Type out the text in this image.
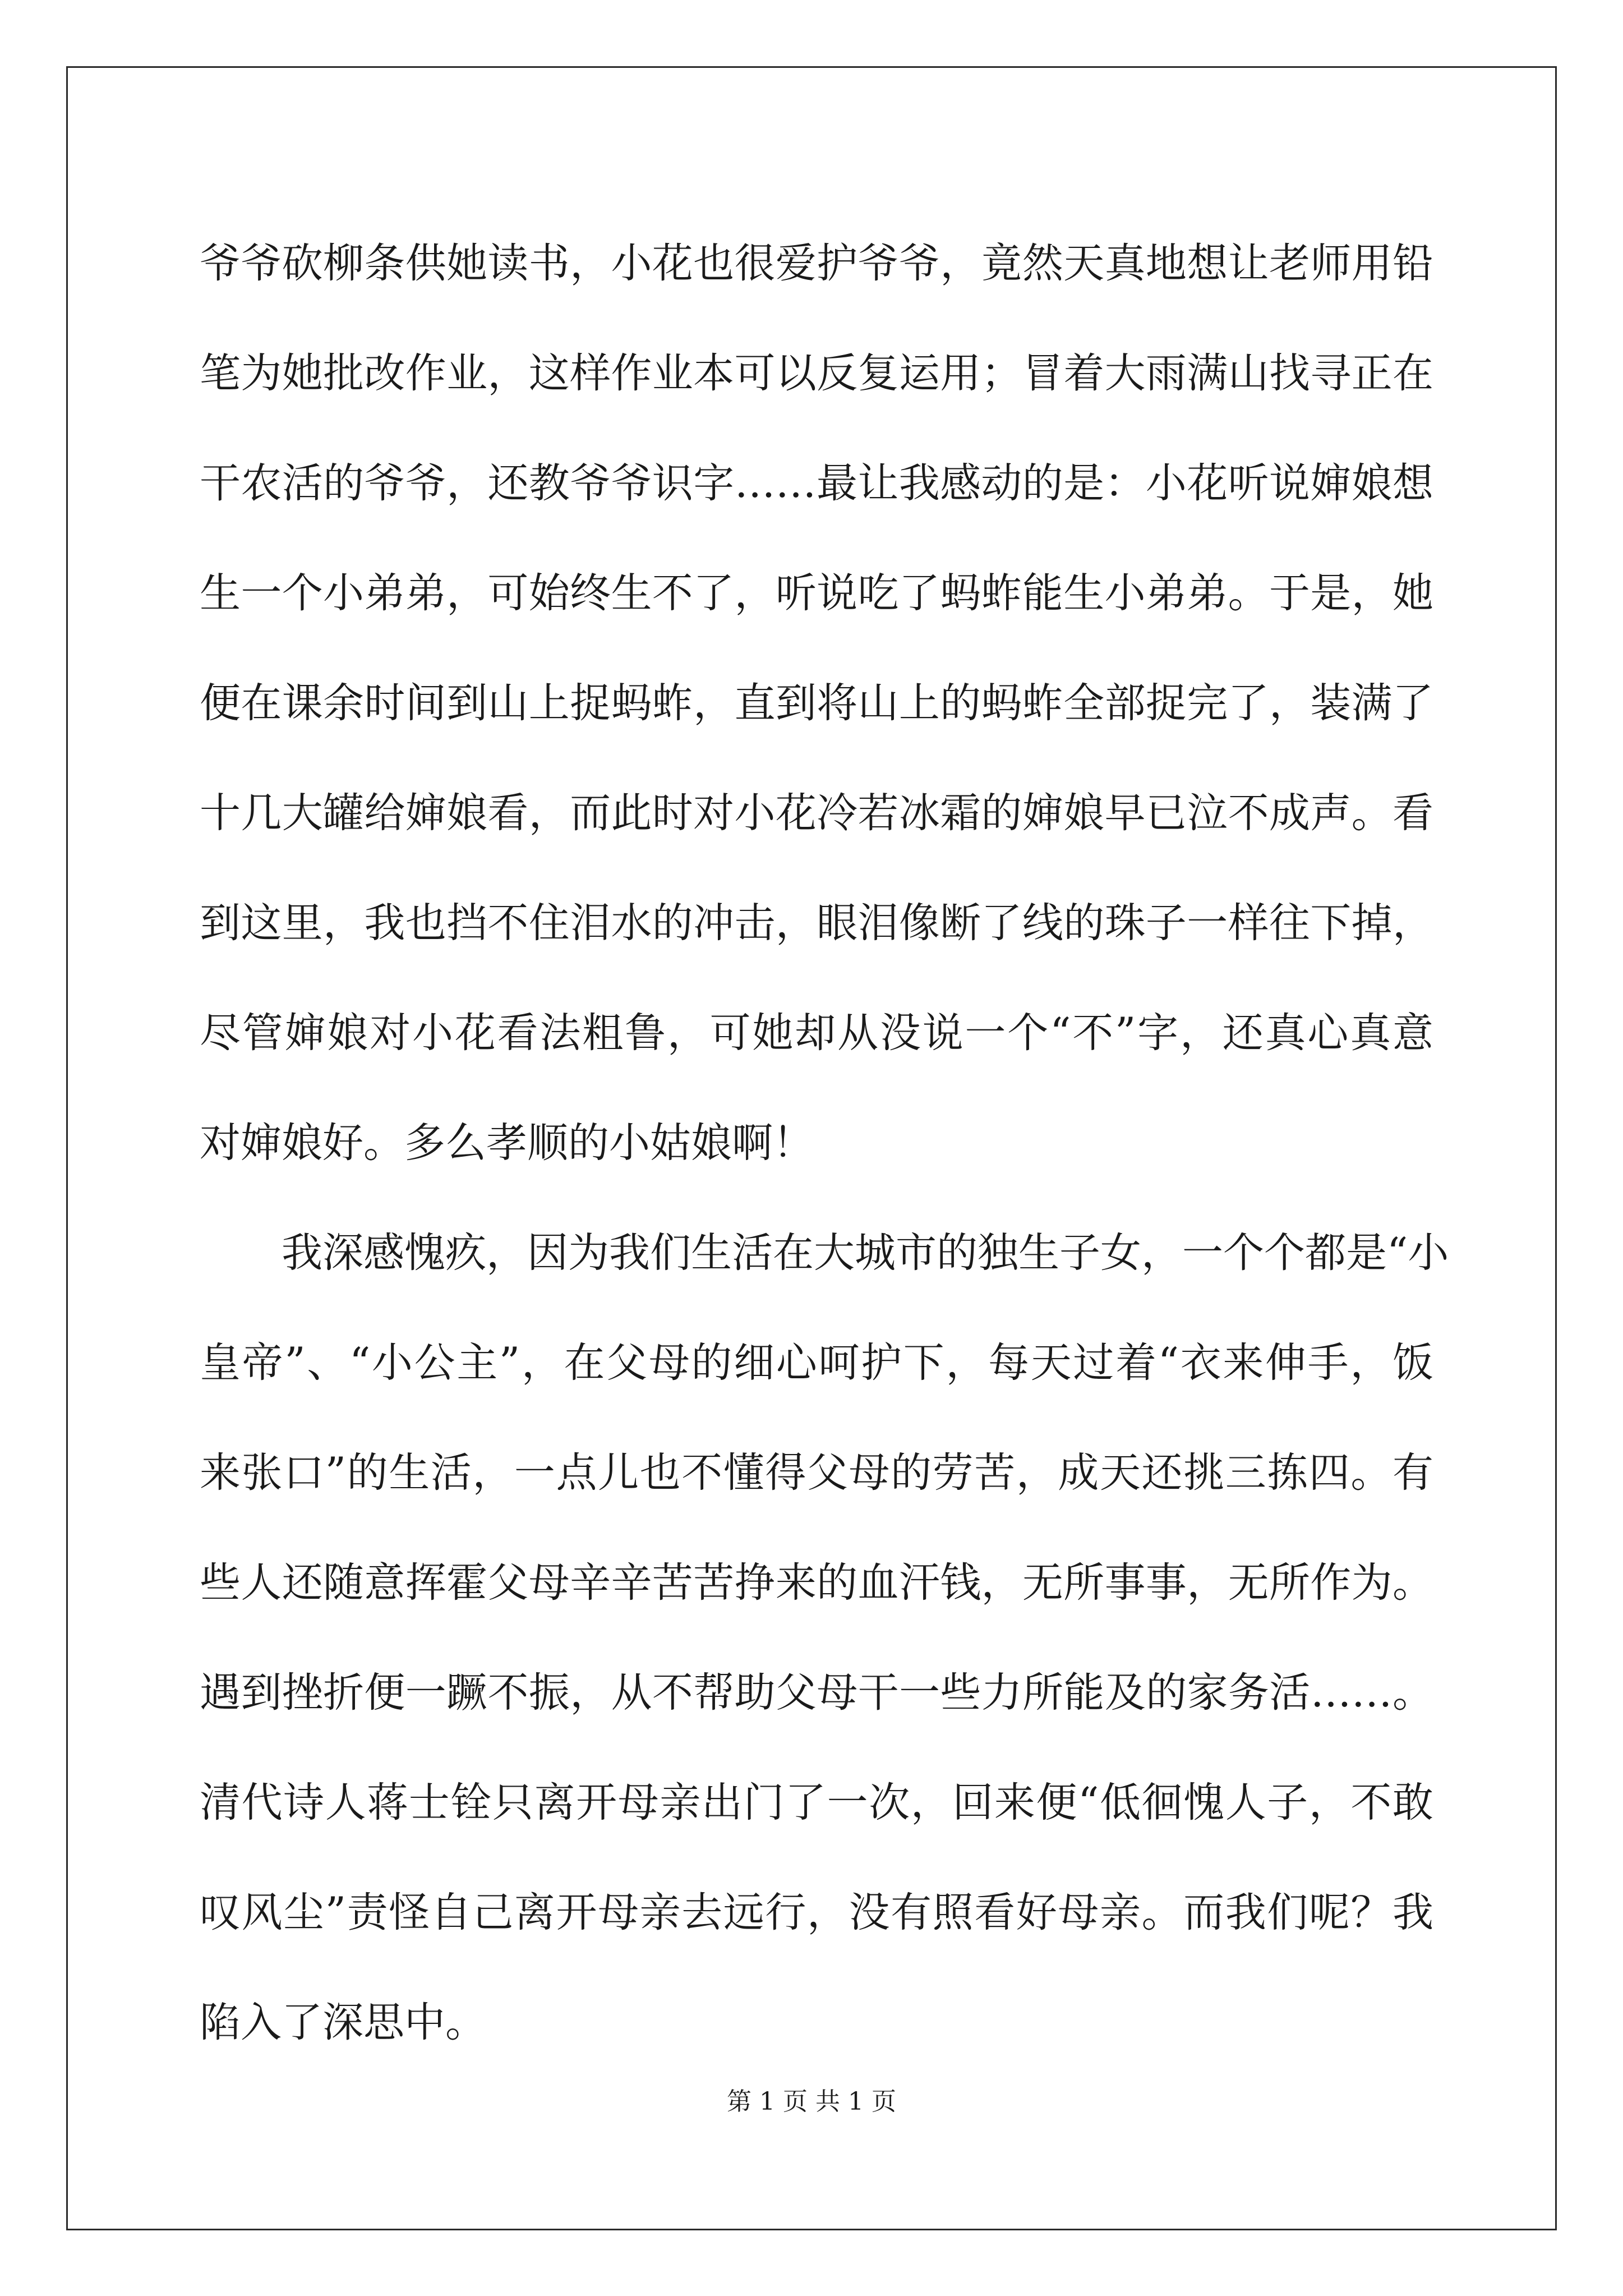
爷爷砍柳条供她读书，小花也很爱护爷爷，竟然天真地想让老师用铅
笔为她批改作业，这样作业本可以反复运用；冒着大雨满山找寻正在
干农活的爷爷，还教爷爷识字……最让我感动的是：小花听说婶娘想
生一个小弟弟，可始终生不了，听说吃了蚂蚱能生小弟弟。于是，她
便在课余时间到山上捉蚂蚱，直到将山上的蚂蚱全部捉完了，装满了
十几大罐给婶娘看，而此时对小花冷若冰霜的婶娘早已泣不成声。看
到这里，我也挡不住泪水的冲击，眼泪像断了线的珠子一样往下掉，
尽管婶娘对小花看法粗鲁，可她却从没说一个“不”字，还真心真意
对婶娘好。多么孝顺的小姑娘啊！
我深感愧疚，因为我们生活在大城市的独生子女，一个个都是“小
皇帝”、“小公主”，在父母的细心呵护下，每天过着“衣来伸手，饭
来张口”的生活，一点儿也不懂得父母的劳苦，成天还挑三拣四。有
些人还随意挥霍父母辛辛苦苦挣来的血汗钱，无所事事，无所作为。
遇到挫折便一蹶不振，从不帮助父母干一些力所能及的家务活……。
清代诗人蒋士铨只离开母亲出门了一次，回来便“低徊愧人子，不敢
叹风尘”责怪自己离开母亲去远行，没有照看好母亲。而我们呢？我
陷入了深思中。
第 1 页 共 1 页
